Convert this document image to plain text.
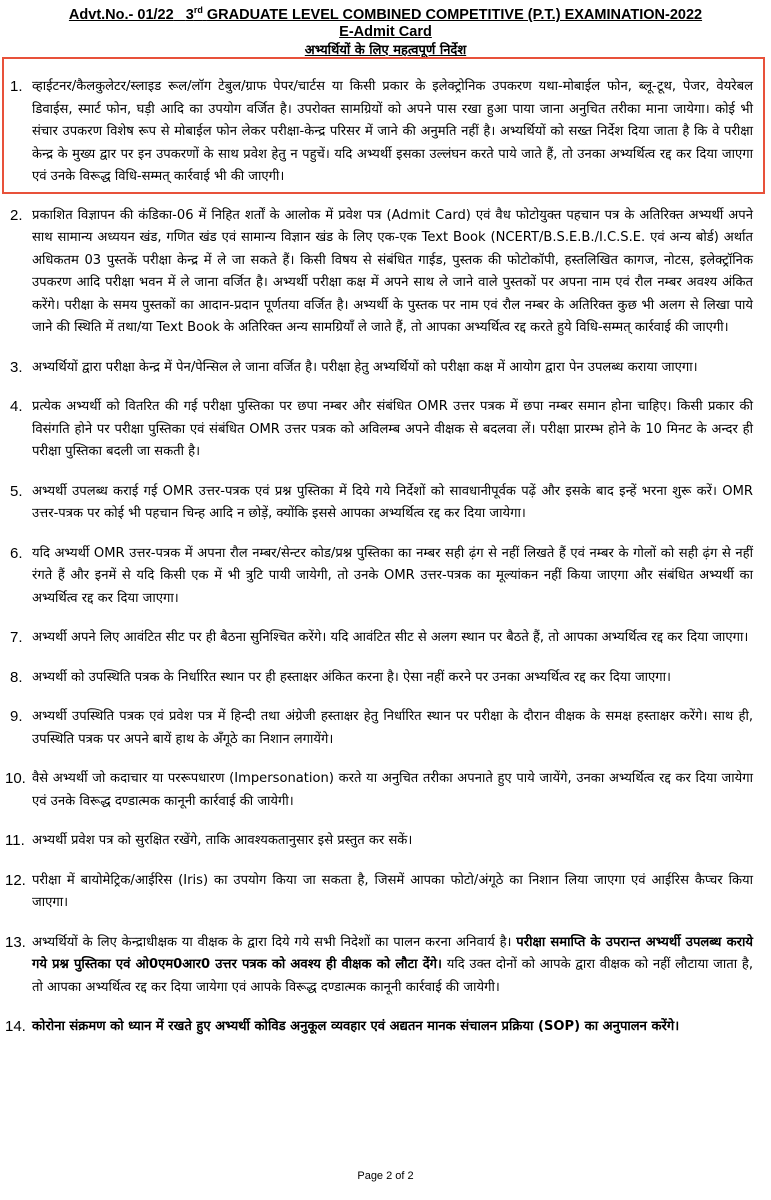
Advt.No.- 01/22 3rd GRADUATE LEVEL COMBINED COMPETITIVE (P.T.) EXAMINATION-2022
E-Admit Card
अभ्यर्थियों के लिए महत्वपूर्ण निर्देश
1. व्हाईटनर/कैलकुलेटर/स्लाइड रूल/लॉग टेबुल/ग्राफ पेपर/चार्टस या किसी प्रकार के इलेक्ट्रोनिक उपकरण यथा-मोबाईल फोन, ब्लू-टूथ, पेजर, वेयरेबल डिवाईस, स्मार्ट फोन, घड़ी आदि का उपयोग वर्जित है। उपरोक्त सामग्रियों को अपने पास रखा हुआ पाया जाना अनुचित तरीका माना जायेगा। कोई भी संचार उपकरण विशेष रूप से मोबाईल फोन लेकर परीक्षा-केन्द्र परिसर में जाने की अनुमति नहीं है। अभ्यर्थियों को सख्त निर्देश दिया जाता है कि वे परीक्षा केन्द्र के मुख्य द्वार पर इन उपकरणों के साथ प्रवेश हेतु न पहुचें। यदि अभ्यर्थी इसका उल्लंघन करते पाये जाते हैं, तो उनका अभ्यर्थित्व रद्द कर दिया जाएगा एवं उनके विरूद्ध विधि-सम्मत् कार्रवाई भी की जाएगी।
2. प्रकाशित विज्ञापन की कंडिका-06 में निहित शर्तों के आलोक में प्रवेश पत्र (Admit Card) एवं वैध फोटोयुक्त पहचान पत्र के अतिरिक्त अभ्यर्थी अपने साथ सामान्य अध्ययन खंड, गणित खंड एवं सामान्य विज्ञान खंड के लिए एक-एक Text Book (NCERT/B.S.E.B./I.C.S.E. एवं अन्य बोर्ड) अर्थात अधिकतम 03 पुस्तकें परीक्षा केन्द्र में ले जा सकते हैं। किसी विषय से संबंधित गाईड, पुस्तक की फोटोकॉपी, हस्तलिखित कागज, नोटस, इलेक्ट्रॉनिक उपकरण आदि परीक्षा भवन में ले जाना वर्जित है। अभ्यर्थी परीक्षा कक्ष में अपने साथ ले जाने वाले पुस्तकों पर अपना नाम एवं रौल नम्बर अवश्य अंकित करेंगे। परीक्षा के समय पुस्तकों का आदान-प्रदान पूर्णतया वर्जित है। अभ्यर्थी के पुस्तक पर नाम एवं रौल नम्बर के अतिरिक्त कुछ भी अलग से लिखा पाये जाने की स्थिति में तथा/या Text Book के अतिरिक्त अन्य सामग्रियाँ ले जाते हैं, तो आपका अभ्यर्थित्व रद्द करते हुये विधि-सम्मत् कार्रवाई की जाएगी।
3. अभ्यर्थियों द्वारा परीक्षा केन्द्र में पेन/पेन्सिल ले जाना वर्जित है। परीक्षा हेतु अभ्यर्थियों को परीक्षा कक्ष में आयोग द्वारा पेन उपलब्ध कराया जाएगा।
4. प्रत्येक अभ्यर्थी को वितरित की गई परीक्षा पुस्तिका पर छपा नम्बर और संबंधित OMR उत्तर पत्रक में छपा नम्बर समान होना चाहिए। किसी प्रकार की विसंगति होने पर परीक्षा पुस्तिका एवं संबंधित OMR उत्तर पत्रक को अविलम्ब अपने वीक्षक से बदलवा लें। परीक्षा प्रारम्भ होने के 10 मिनट के अन्दर ही परीक्षा पुस्तिका बदली जा सकती है।
5. अभ्यर्थी उपलब्ध कराई गई OMR उत्तर-पत्रक एवं प्रश्न पुस्तिका में दिये गये निर्देशों को सावधानीपूर्वक पढ़ें और इसके बाद इन्हें भरना शुरू करें। OMR उत्तर-पत्रक पर कोई भी पहचान चिन्ह आदि न छोड़ें, क्योंकि इससे आपका अभ्यर्थित्व रद्द कर दिया जायेगा।
6. यदि अभ्यर्थी OMR उत्तर-पत्रक में अपना रौल नम्बर/सेन्टर कोड/प्रश्न पुस्तिका का नम्बर सही ढ़ंग से नहीं लिखते हैं एवं नम्बर के गोलों को सही ढ़ंग से नहीं रंगते हैं और इनमें से यदि किसी एक में भी त्रुटि पायी जायेगी, तो उनके OMR उत्तर-पत्रक का मूल्यांकन नहीं किया जाएगा और संबंधित अभ्यर्थी का अभ्यर्थित्व रद्द कर दिया जाएगा।
7. अभ्यर्थी अपने लिए आवंटित सीट पर ही बैठना सुनिश्चित करेंगे। यदि आवंटित सीट से अलग स्थान पर बैठते हैं, तो आपका अभ्यर्थित्व रद्द कर दिया जाएगा।
8. अभ्यर्थी को उपस्थिति पत्रक के निर्धारित स्थान पर ही हस्ताक्षर अंकित करना है। ऐसा नहीं करने पर उनका अभ्यर्थित्व रद्द कर दिया जाएगा।
9. अभ्यर्थी उपस्थिति पत्रक एवं प्रवेश पत्र में हिन्दी तथा अंग्रेजी हस्ताक्षर हेतु निर्धारित स्थान पर परीक्षा के दौरान वीक्षक के समक्ष हस्ताक्षर करेंगे। साथ ही, उपस्थिति पत्रक पर अपने बायें हाथ के अँगूठे का निशान लगायेंगे।
10. वैसे अभ्यर्थी जो कदाचार या पररूपधारण (Impersonation) करते या अनुचित तरीका अपनाते हुए पाये जायेंगे, उनका अभ्यर्थित्व रद्द कर दिया जायेगा एवं उनके विरूद्ध दण्डात्मक कानूनी कार्रवाई की जायेगी।
11. अभ्यर्थी प्रवेश पत्र को सुरक्षित रखेंगे, ताकि आवश्यकतानुसार इसे प्रस्तुत कर सकें।
12. परीक्षा में बायोमेट्रिक/आईरिस (Iris) का उपयोग किया जा सकता है, जिसमें आपका फोटो/अंगूठे का निशान लिया जाएगा एवं आईरिस कैप्चर किया जाएगा।
13. अभ्यर्थियों के लिए केन्द्राधीक्षक या वीक्षक के द्वारा दिये गये सभी निदेशों का पालन करना अनिवार्य है। परीक्षा समाप्ति के उपरान्त अभ्यर्थी उपलब्ध कराये गये प्रश्न पुस्तिका एवं ओ0एम0आर0 उत्तर पत्रक को अवश्य ही वीक्षक को लौटा देंगे। यदि उक्त दोनों को आपके द्वारा वीक्षक को नहीं लौटाया जाता है, तो आपका अभ्यर्थित्व रद्द कर दिया जायेगा एवं आपके विरूद्ध दण्डात्मक कानूनी कार्रवाई की जायेगी।
14. कोरोना संक्रमण को ध्यान में रखते हुए अभ्यर्थी कोविड अनुकूल व्यवहार एवं अद्यतन मानक संचालन प्रक्रिया (SOP) का अनुपालन करेंगे।
Page 2 of 2
